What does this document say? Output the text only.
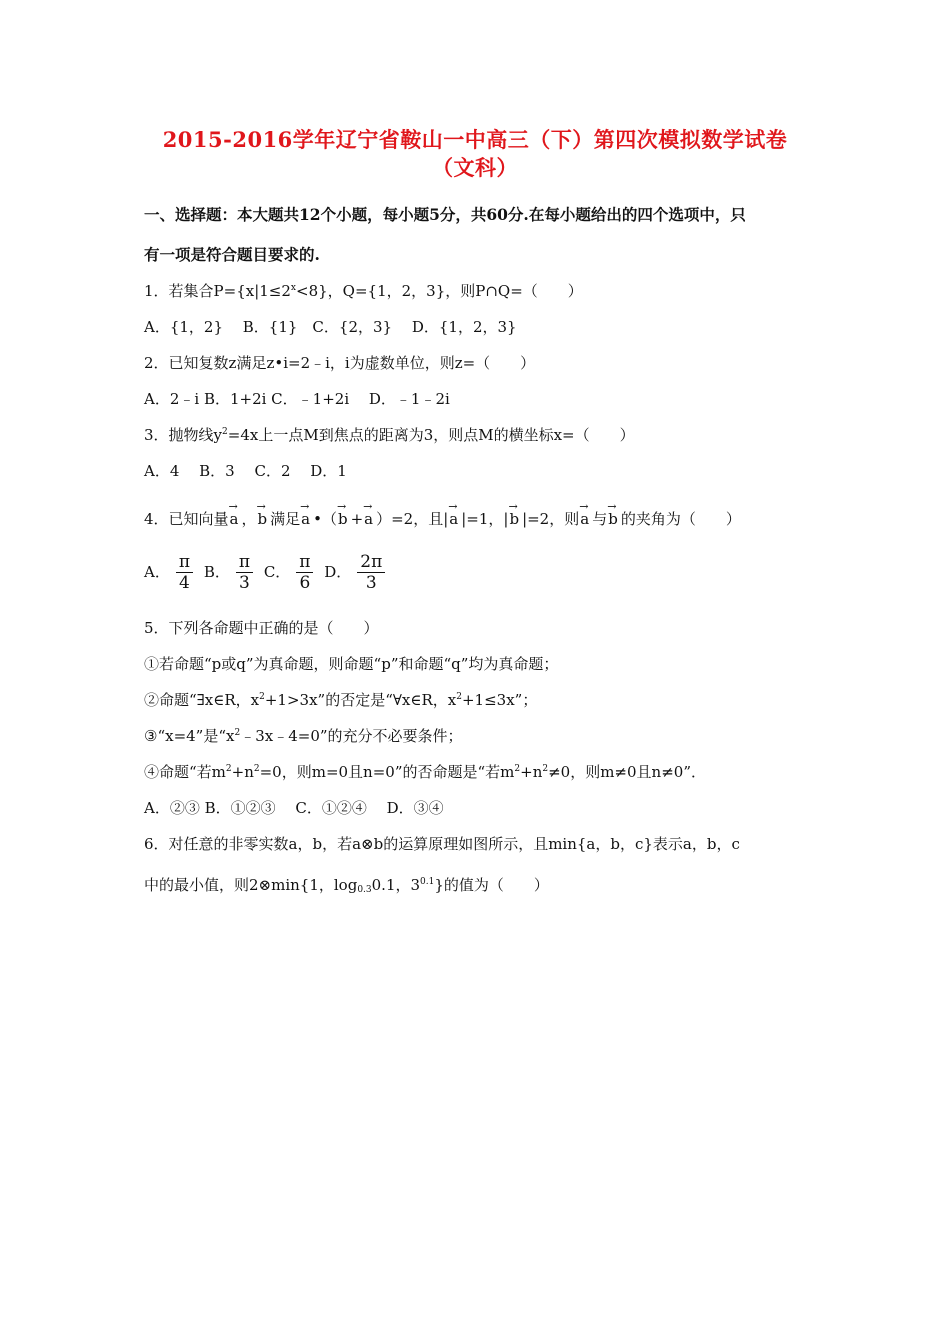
2015-2016学年辽宁省鞍山一中高三（下）第四次模拟数学试卷
（文科）
一、选择题：本大题共12个小题，每小题5分，共60分.在每小题给出的四个选项中，只
有一项是符合题目要求的.
1．若集合$P=\{x|1\le 2^x<8\}$，Q={1，2，3}，则P∩Q=（　　）
A．{1，2}　 B．{1}　C．{2，3}　 D．{1，2，3}
2．已知复数z满足z•i=2﹣i，i为虚数单位，则z=（　　）
A．2﹣i B．1+2i C．﹣1+2i　 D．﹣1﹣2i
3．抛物线$y^2=4x$上一点M到焦点的距离为3，则点M的横坐标x=（　　）
A．4　 B．3　 C．2　 D．1
4．已知向量
→
a ，
→
b 满足
→
a •（
→
b +
→
a ）=2，且|
→
a |=1，|
→
b |=2，则
→
a 与
→
b 的夹角为（　　）
A． $\frac{\pi}{4}$ B． $\frac{\pi}{3}$ C． $\frac{\pi}{6}$ D． $\frac{2\pi}{3}$
5．下列各命题中正确的是（　　）
①若命题“p或q”为真命题，则命题“p”和命题“q”均为真命题；
②命题“∃x∈R，$x^2+1>3x$”的否定是“∀x∈R，$x^2+1\le 3x$”；
③“x=4”是“$x^2﹣3x﹣4=0$”的充分不必要条件；
④命题“若$m^2+n^2=0$，则m=0且n=0”的否命题是“若$m^2+n^2\ne 0$，则m≠0且n≠0”．
A．②③ B．①②③　 C．①②④　 D．③④
6．对任意的非零实数a，b，若a⊗b的运算原理如图所示，且min{a，b，c}表示a，b，c
中的最小值，则2⊗min{1，$\log_{0.3}0.1$，$3^{0.1}$}的值为（　　）
